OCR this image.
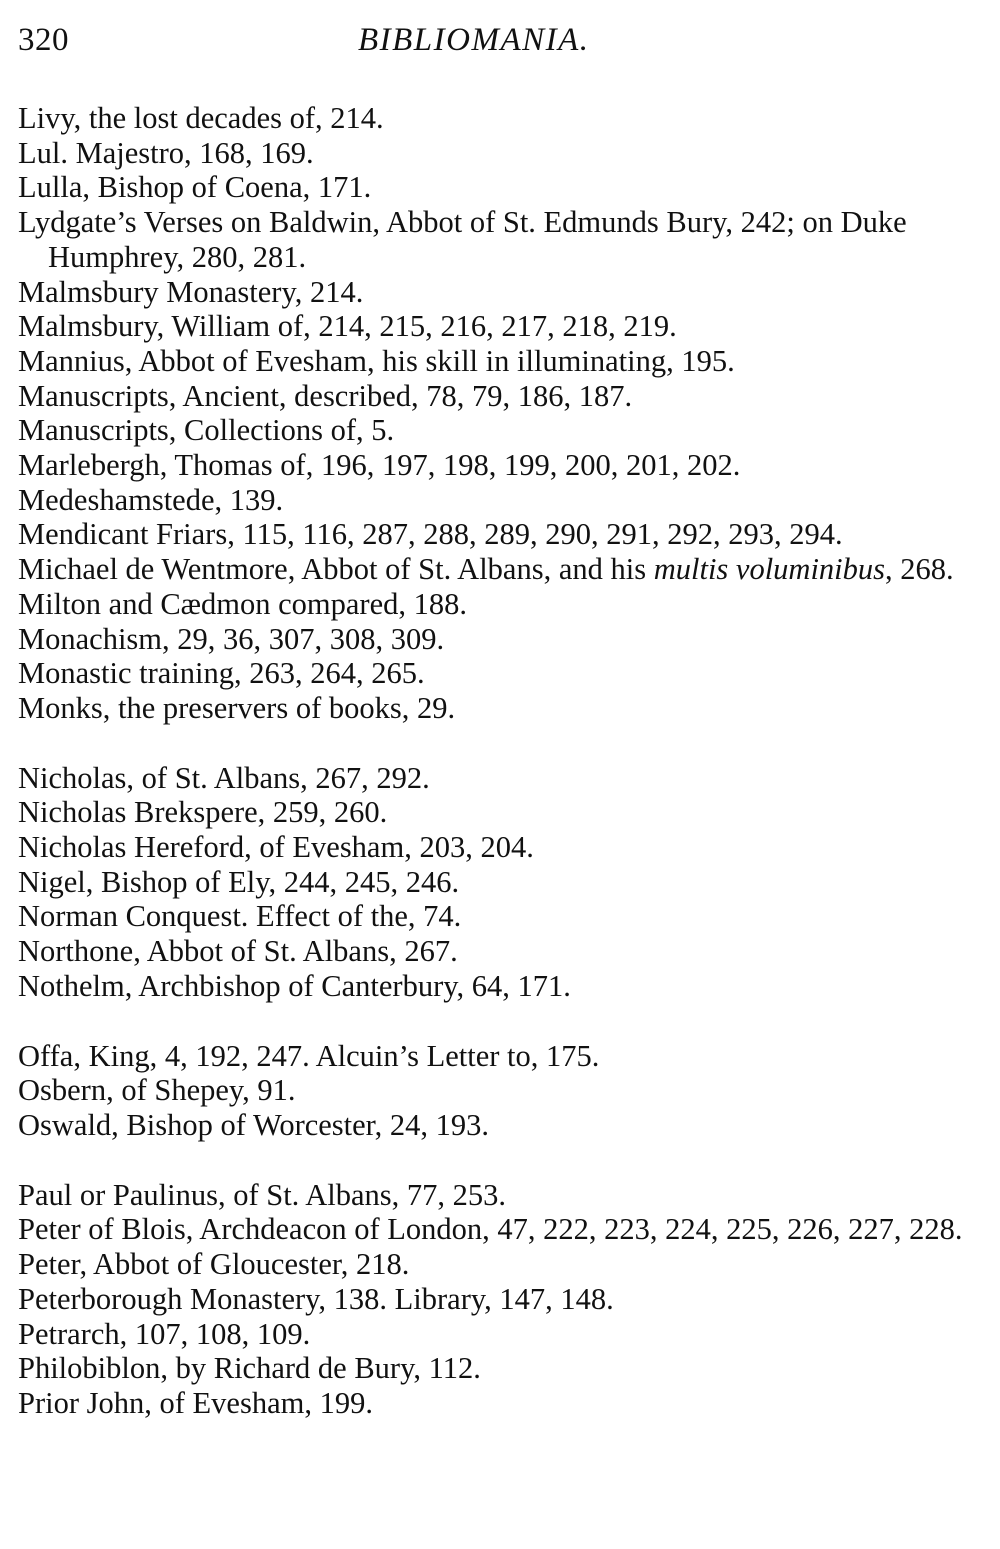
320	BIBLIOMANIA.
Livy, the lost decades of, 214.
Lul. Majestro, 168, 169.
Lulla, Bishop of Coena, 171.
Lydgate’s Verses on Baldwin, Abbot of St. Edmunds Bury, 242; on Duke Humphrey, 280, 281.
Malmsbury Monastery, 214.
Malmsbury, William of, 214, 215, 216, 217, 218, 219.
Mannius, Abbot of Evesham, his skill in illuminating, 195.
Manuscripts, Ancient, described, 78, 79, 186, 187.
Manuscripts, Collections of, 5.
Marlebergh, Thomas of, 196, 197, 198, 199, 200, 201, 202.
Medeshamstede, 139.
Mendicant Friars, 115, 116, 287, 288, 289, 290, 291, 292, 293, 294.
Michael de Wentmore, Abbot of St. Albans, and his multis voluminibus, 268.
Milton and Cædmon compared, 188.
Monachism, 29, 36, 307, 308, 309.
Monastic training, 263, 264, 265.
Monks, the preservers of books, 29.
Nicholas, of St. Albans, 267, 292.
Nicholas Brekspere, 259, 260.
Nicholas Hereford, of Evesham, 203, 204.
Nigel, Bishop of Ely, 244, 245, 246.
Norman Conquest. Effect of the, 74.
Northone, Abbot of St. Albans, 267.
Nothelm, Archbishop of Canterbury, 64, 171.
Offa, King, 4, 192, 247. Alcuin’s Letter to, 175.
Osbern, of Shepey, 91.
Oswald, Bishop of Worcester, 24, 193.
Paul or Paulinus, of St. Albans, 77, 253.
Peter of Blois, Archdeacon of London, 47, 222, 223, 224, 225, 226, 227, 228.
Peter, Abbot of Gloucester, 218.
Peterborough Monastery, 138. Library, 147, 148.
Petrarch, 107, 108, 109.
Philobiblon, by Richard de Bury, 112.
Prior John, of Evesham, 199.
